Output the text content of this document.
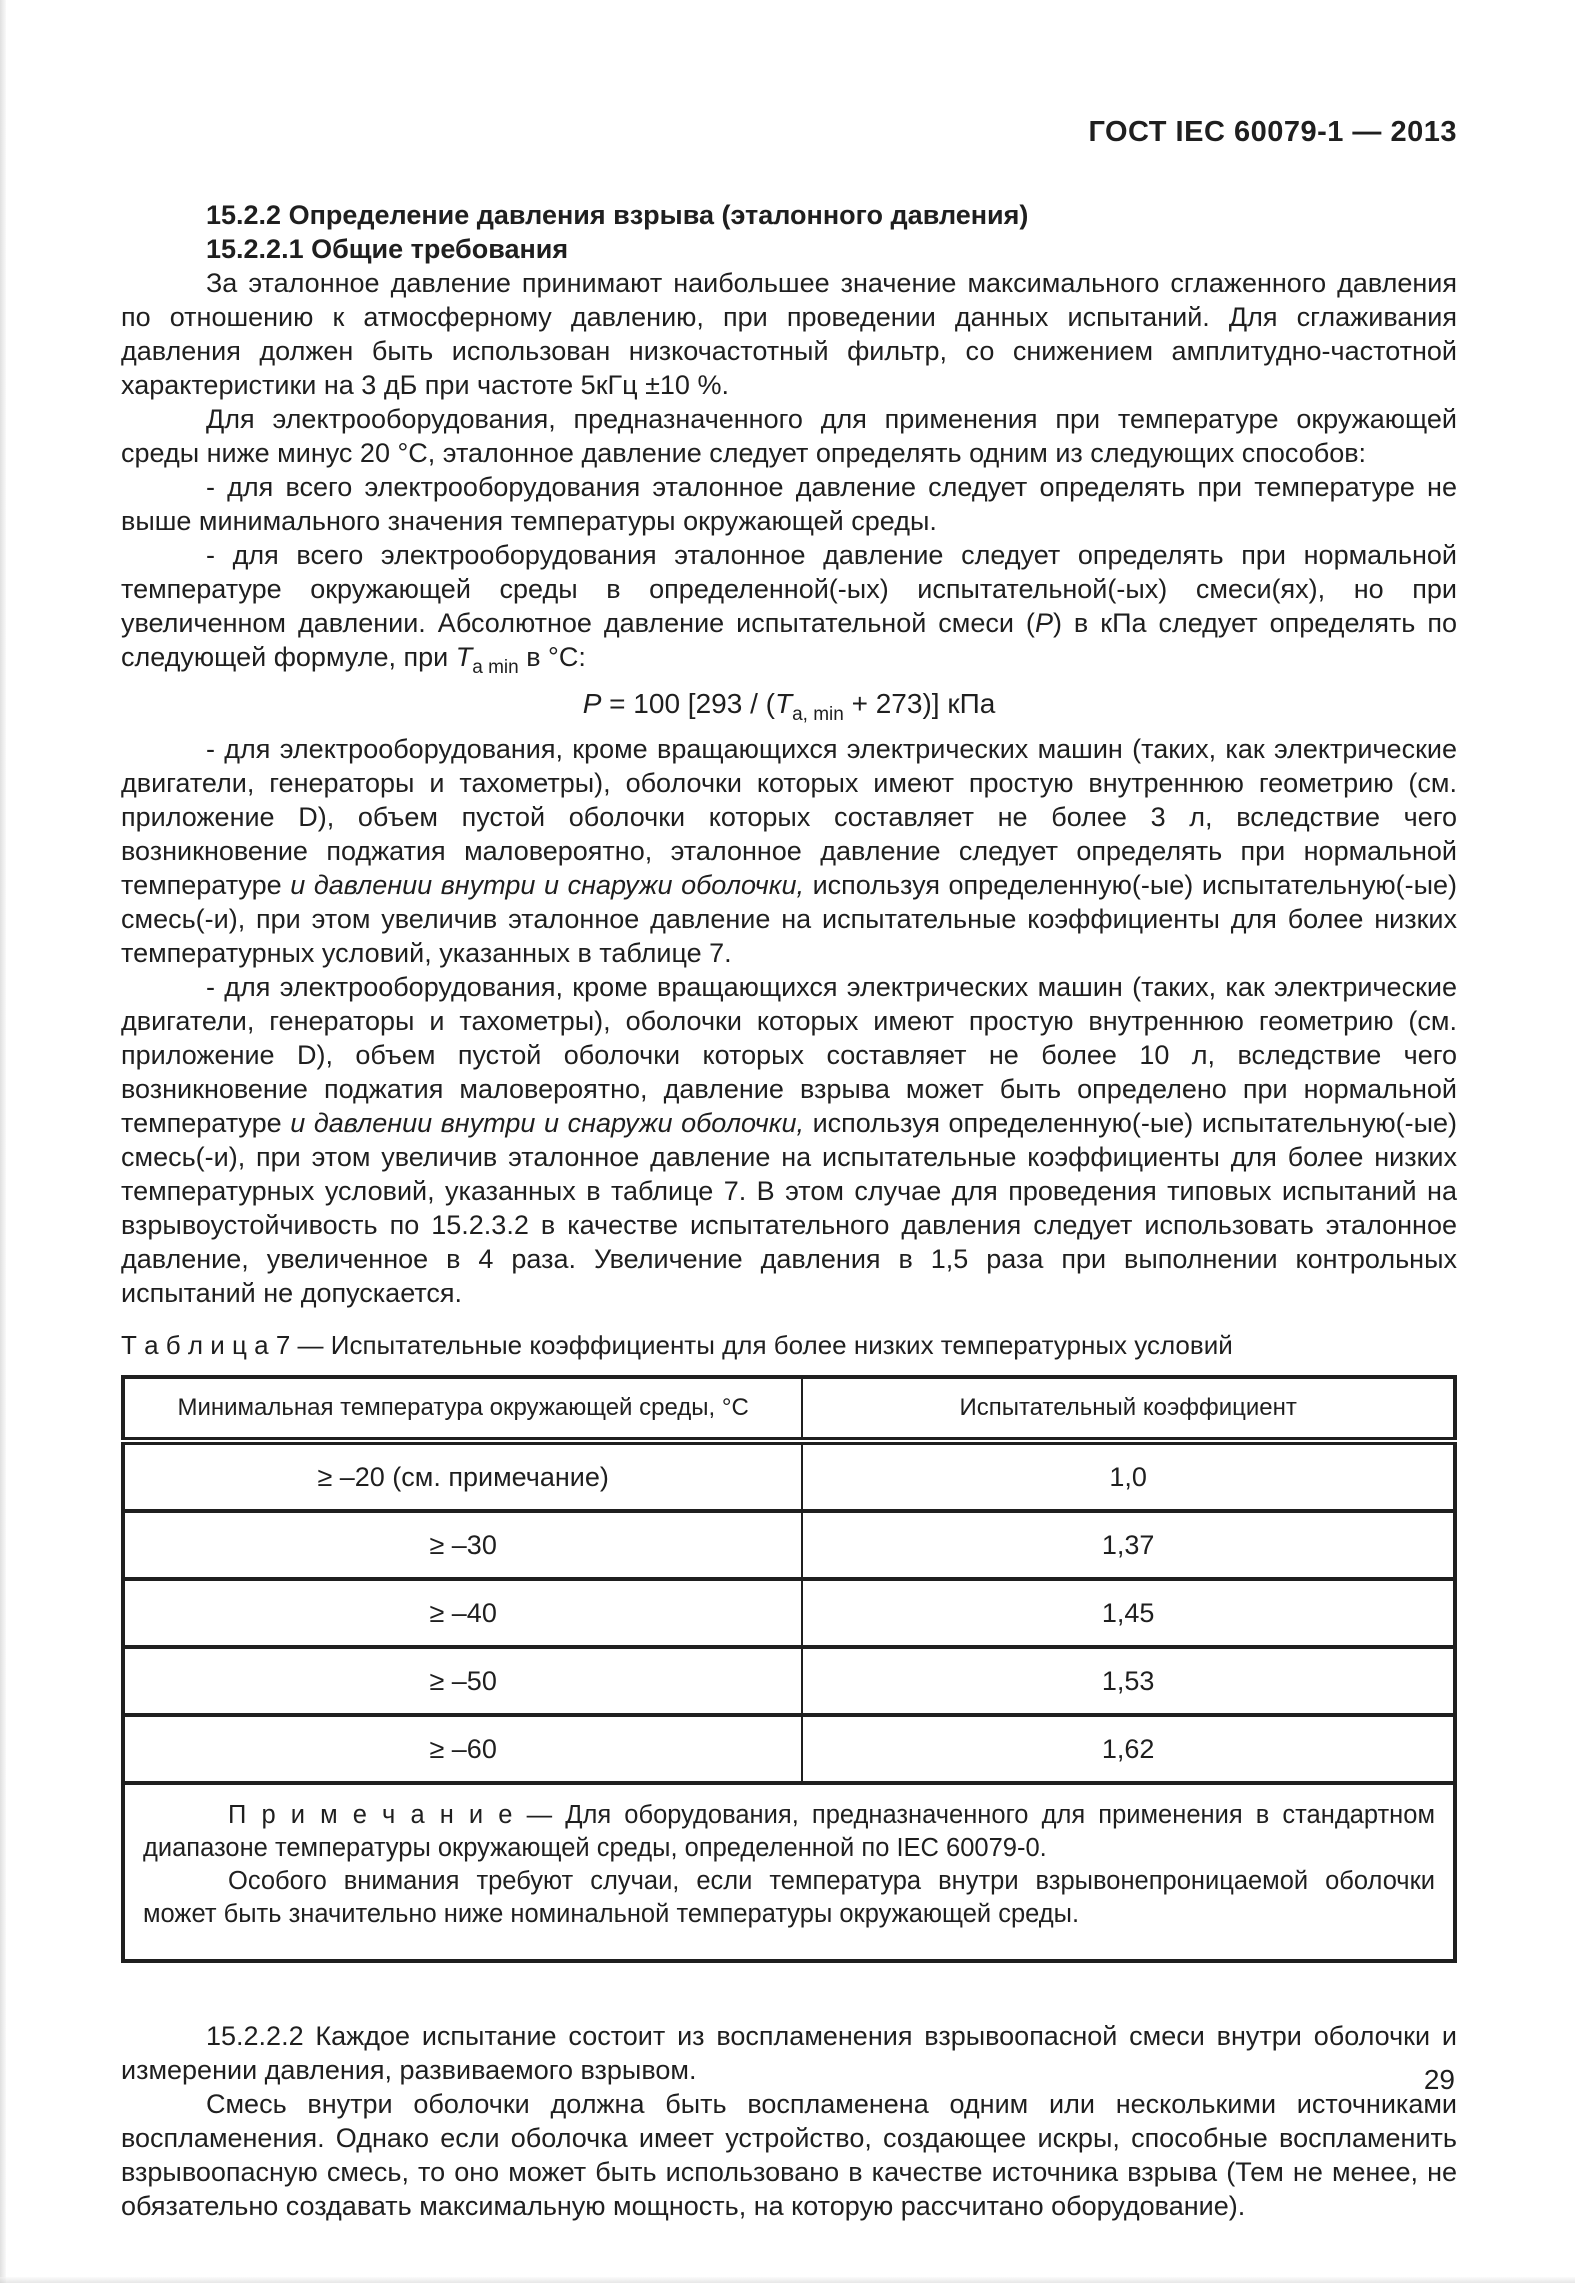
ГОСТ IEC 60079-1 — 2013

15.2.2 Определение давления взрыва (эталонного давления)

15.2.2.1 Общие требования

За эталонное давление принимают наибольшее значение максимального сглаженного давления по отношению к атмосферному давлению, при проведении данных испытаний. Для сглаживания давления должен быть использован низкочастотный фильтр, со снижением амплитудно-частотной характеристики на 3 дБ при частоте 5кГц ±10 %.

Для электрооборудования, предназначенного для применения при температуре окружающей среды ниже минус 20 °С, эталонное давление следует определять одним из следующих способов:

- для всего электрооборудования эталонное давление следует определять при температуре не выше минимального значения температуры окружающей среды.

- для всего электрооборудования эталонное давление следует определять при нормальной температуре окружающей среды в определенной(-ых) испытательной(-ых) смеси(ях), но при увеличенном давлении. Абсолютное давление испытательной смеси (Р) в кПа следует определять по следующей формуле, при $Т_{a min}$ в °С:

P = 100 $[293 / (T_{a, min} + 273)]$ кПа

- для электрооборудования, кроме вращающихся электрических машин (таких, как электрические двигатели, генераторы и тахометры), оболочки которых имеют простую внутреннюю геометрию (см. приложение D), объем пустой оболочки которых составляет не более 3 л, вследствие чего возникновение поджатия маловероятно, эталонное давление следует определять при нормальной температуре и давлении внутри и снаружи оболочки, используя определенную(-ые) испытательную(-ые) смесь(-и), при этом увеличив эталонное давление на испытательные коэффициенты для более низких температурных условий, указанных в таблице 7.

- для электрооборудования, кроме вращающихся электрических машин (таких, как электрические двигатели, генераторы и тахометры), оболочки которых имеют простую внутреннюю геометрию (см. приложение D), объем пустой оболочки которых составляет не более 10 л, вследствие чего возникновение поджатия маловероятно, давление взрыва может быть определено при нормальной температуре и давлении внутри и снаружи оболочки, используя определенную(-ые) испытательную(-ые) смесь(-и), при этом увеличив эталонное давление на испытательные коэффициенты для более низких температурных условий, указанных в таблице 7. В этом случае для проведения типовых испытаний на взрывоустойчивость по 15.2.3.2 в качестве испытательного давления следует использовать эталонное давление, увеличенное в 4 раза. Увеличение давления в 1,5 раза при выполнении контрольных испытаний не допускается.

Т а б л и ц а 7 — Испытательные коэффициенты для более низких температурных условий
Минимальная температура окружающей среды, °С	Испытательный коэффициент
≥ –20 (см. примечание)	1,0
≥ –30	1,37
≥ –40	1,45
≥ –50	1,53
≥ –60	1,62

П р и м е ч а н и е — Для оборудования, предназначенного для применения в стандартном диапазоне температуры окружающей среды, определенной по IEC 60079-0.

Особого внимания требуют случаи, если температура внутри взрывонепроницаемой оболочки может быть значительно ниже номинальной температуры окружающей среды.	

15.2.2.2 Каждое испытание состоит из воспламенения взрывоопасной смеси внутри оболочки и измерении давления, развиваемого взрывом.

Смесь внутри оболочки должна быть воспламенена одним или несколькими источниками воспламенения. Однако если оболочка имеет устройство, создающее искры, способные воспламенить взрывоопасную смесь, то оно может быть использовано в качестве источника взрыва (Тем не менее, не обязательно создавать максимальную мощность, на которую рассчитано оборудование).

29
